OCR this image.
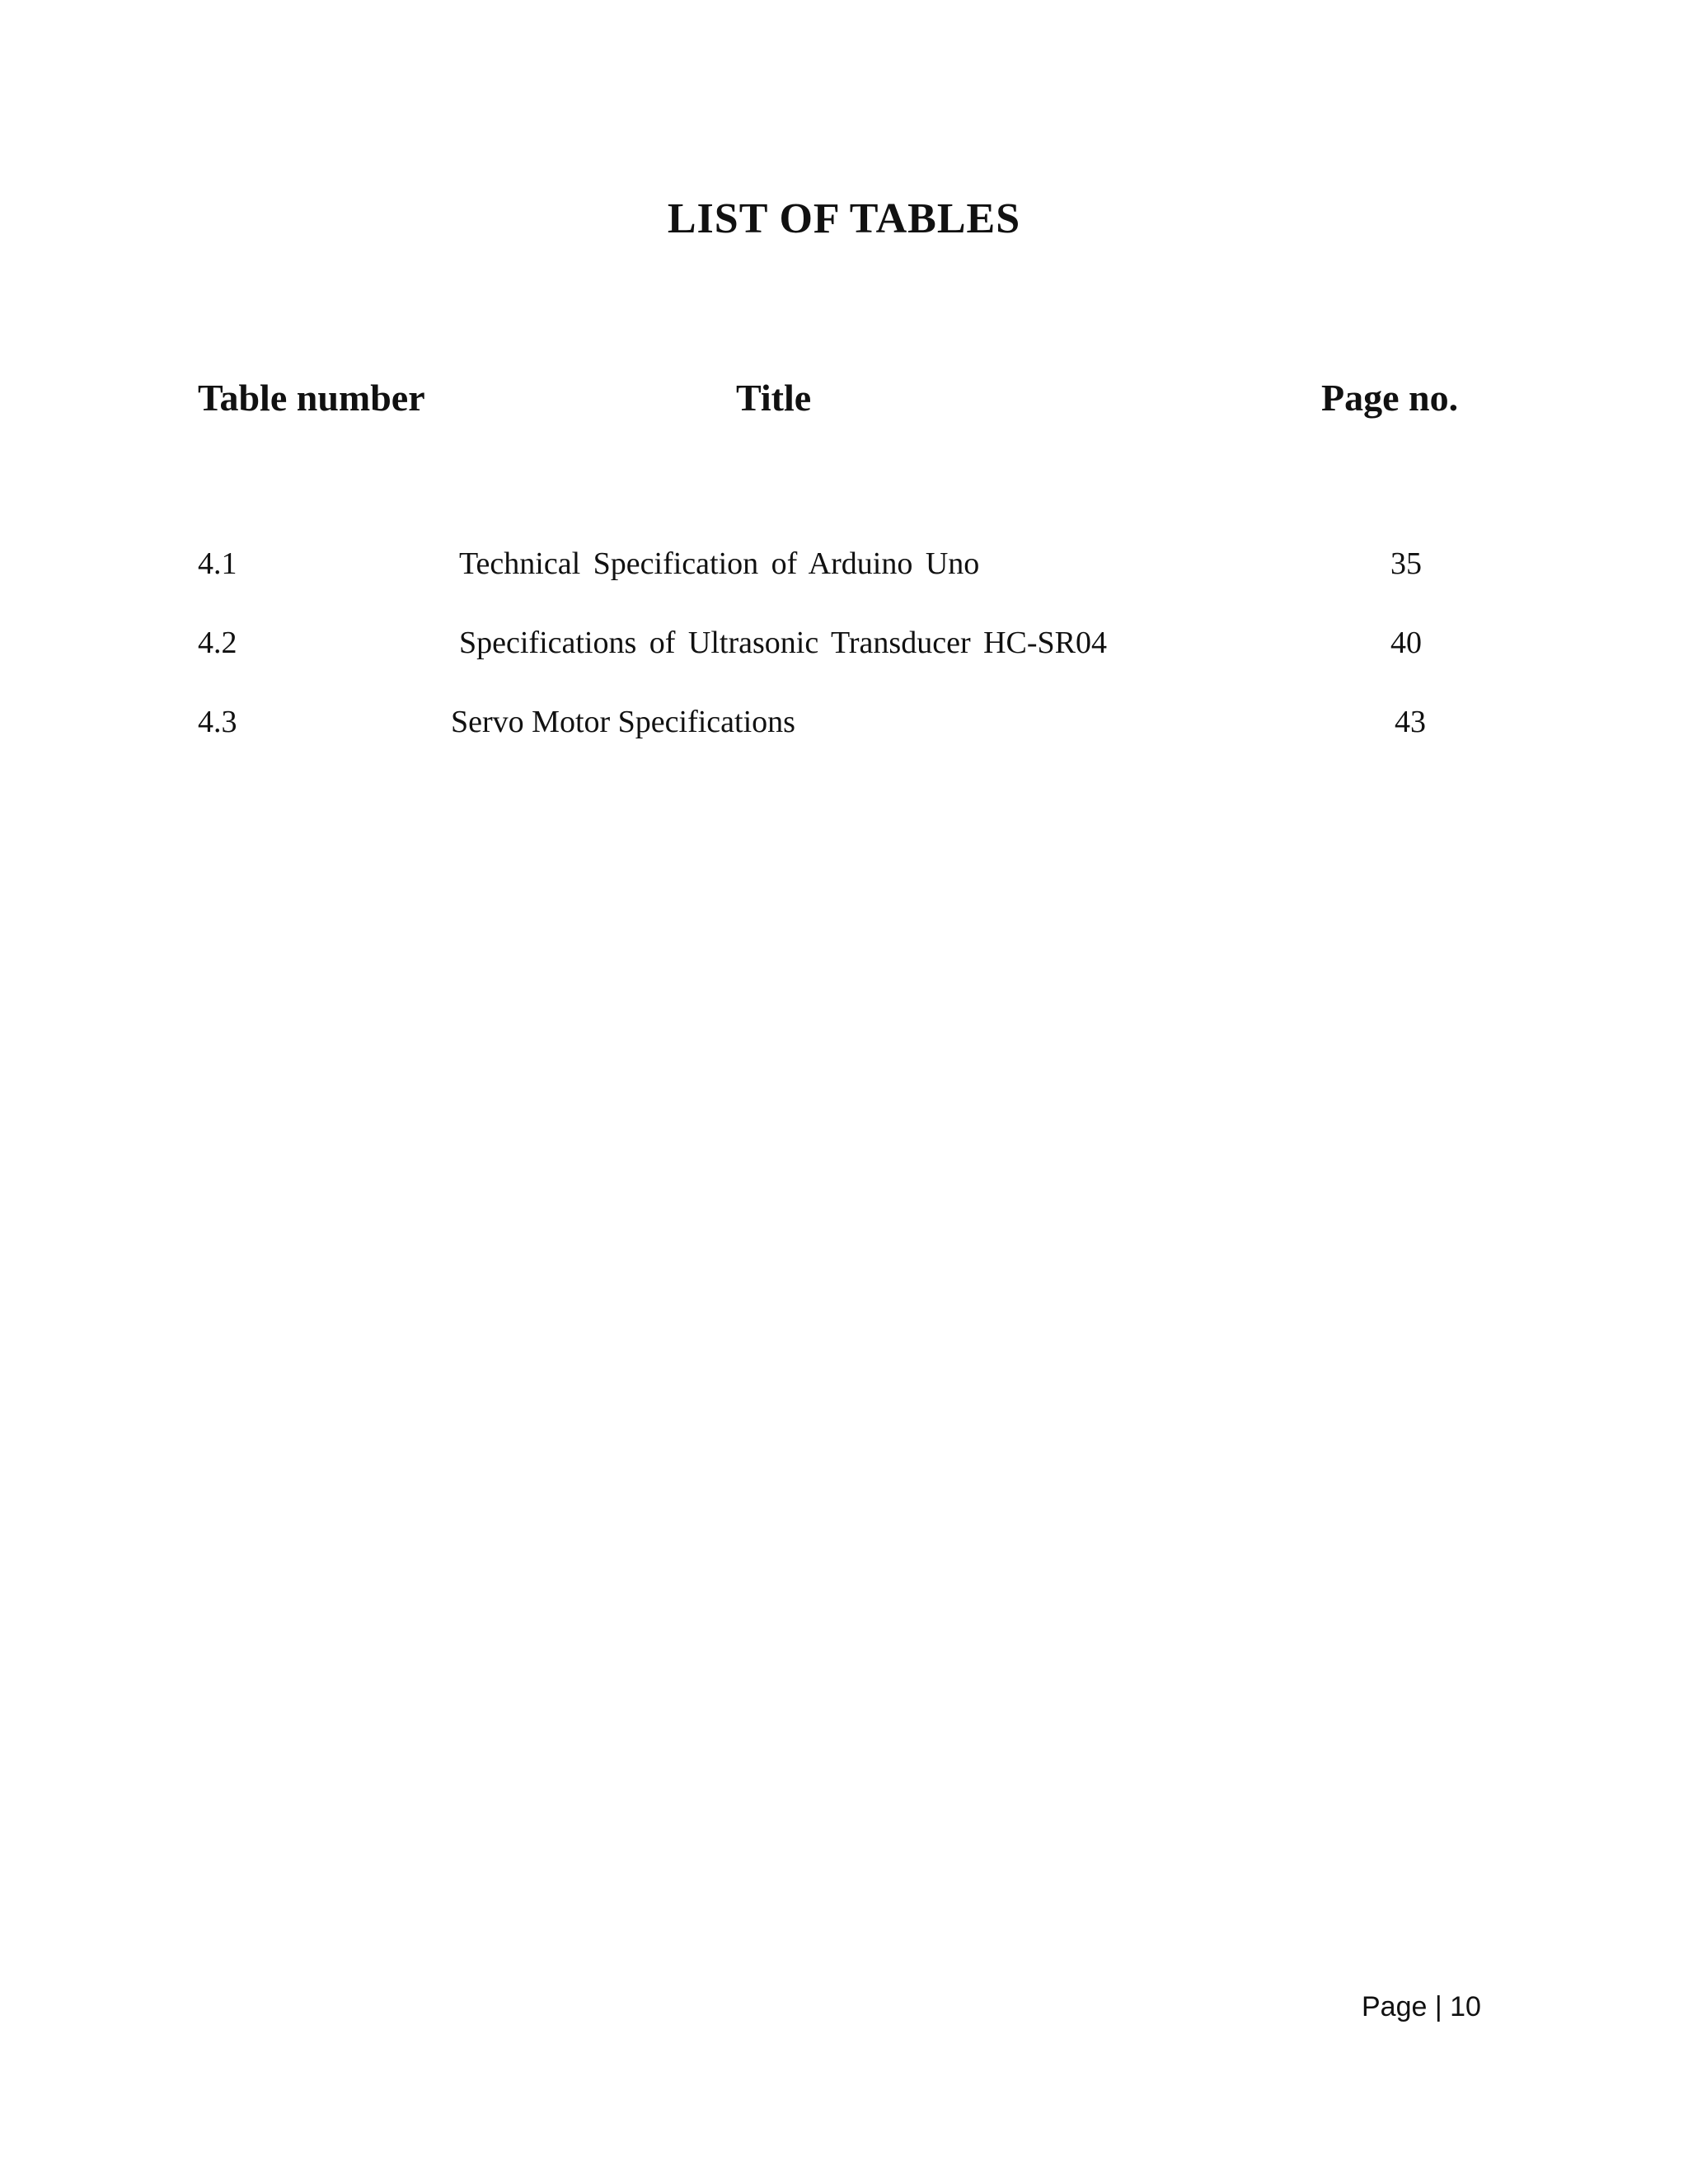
LIST OF TABLES
Table number	Title	Page no.
4.1	Technical Specification of Arduino Uno	35
4.2	Specifications of Ultrasonic Transducer HC-SR04	40
4.3	Servo Motor Specifications	43
Page | 10
